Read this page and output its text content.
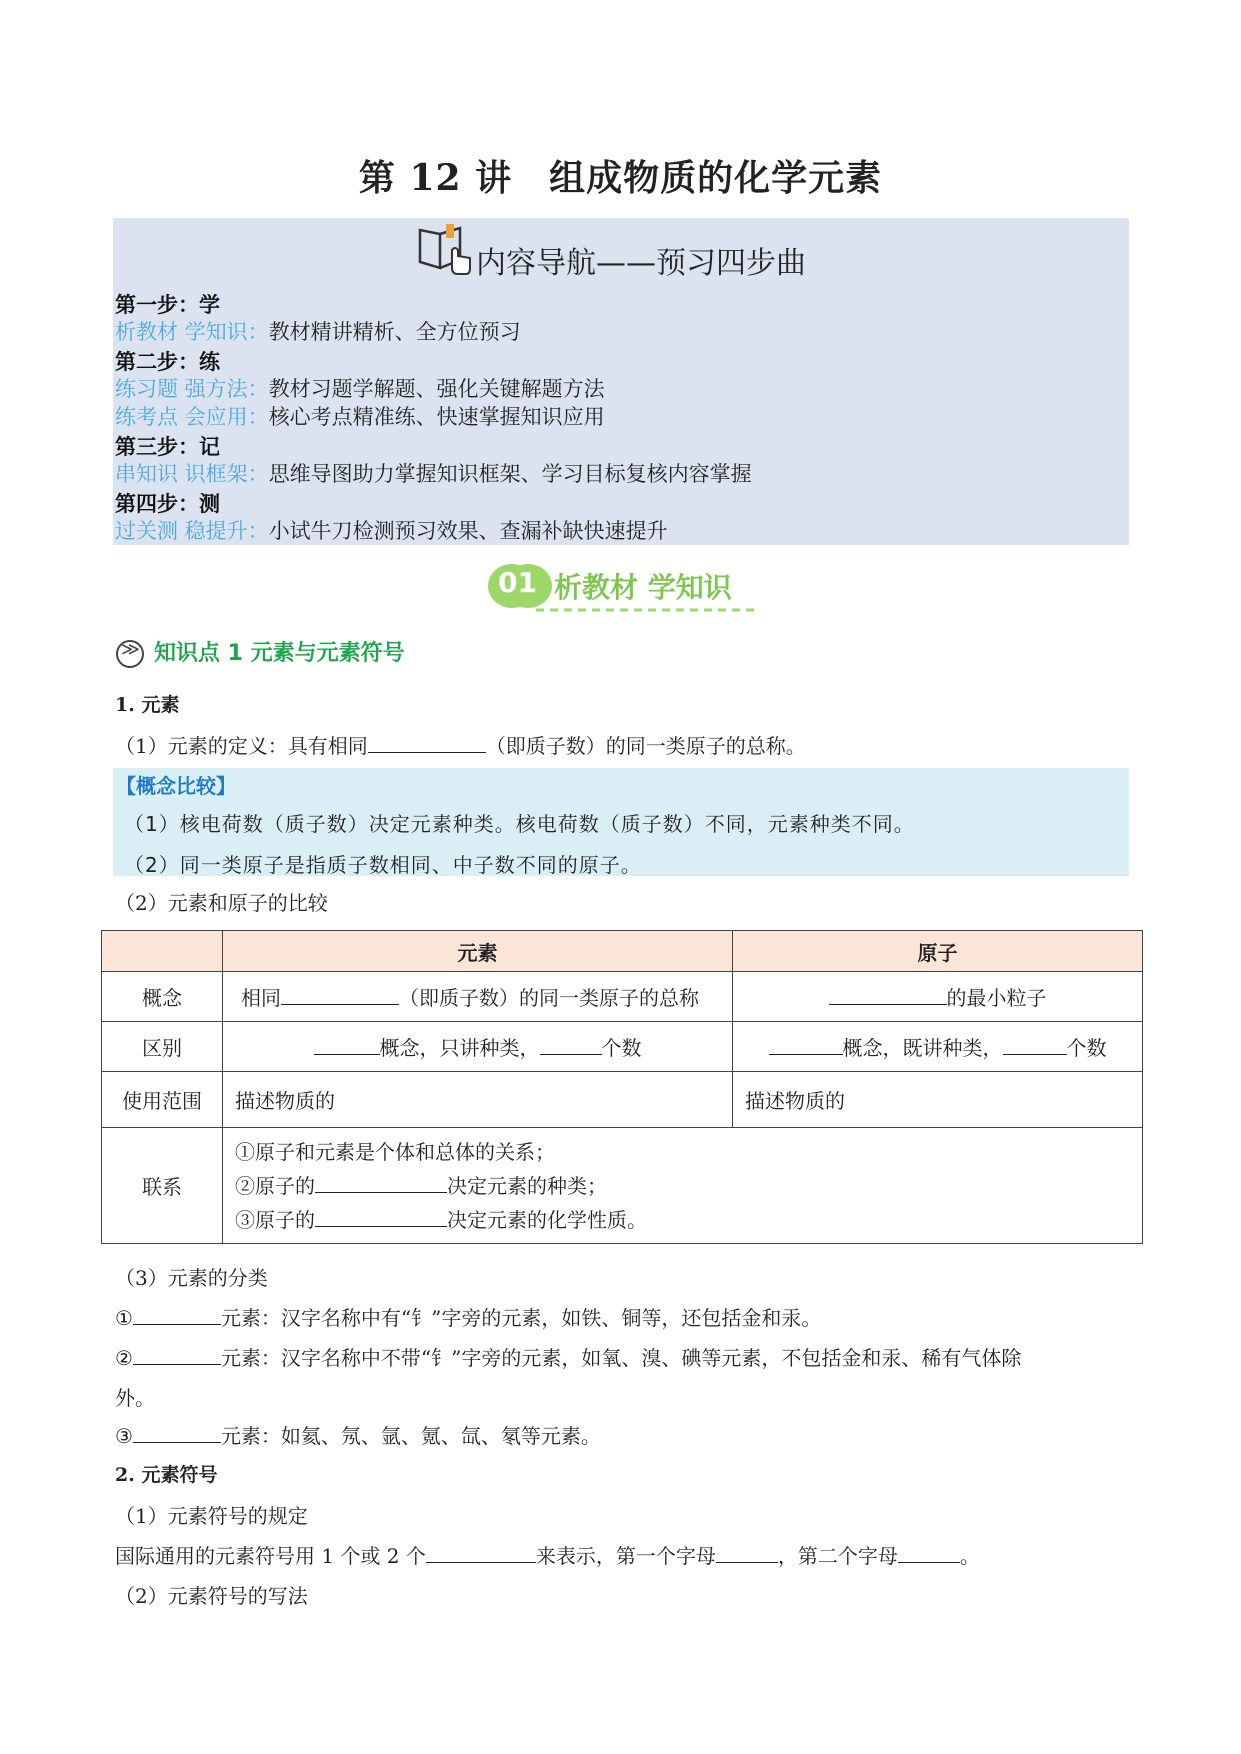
第 12 讲　组成物质的化学元素
内容导航——预习四步曲
第一步：学
析教材 学知识：教材精讲精析、全方位预习
第二步：练
练习题 强方法：教材习题学解题、强化关键解题方法
练考点 会应用：核心考点精准练、快速掌握知识应用
第三步：记
串知识 识框架：思维导图助力掌握知识框架、学习目标复核内容掌握
第四步：测
过关测 稳提升：小试牛刀检测预习效果、查漏补缺快速提升
01 析教材 学知识
≫知识点 1 元素与元素符号
1. 元素
（1）元素的定义：具有相同	（即质子数）的同一类原子的总称。
【概念比较】
（1）核电荷数（质子数）决定元素种类。核电荷数（质子数）不同，元素种类不同。
（2）同一类原子是指质子数相同、中子数不同的原子。
（2）元素和原子的比较
	元素	原子
概念	相同 （即质子数）的同一类原子的总称	的最小粒子
区别	概念，只讲种类， 个数	概念，既讲种类， 个数
使用范围	描述物质的	描述物质的
联系	①原子和元素是个体和总体的关系；
②原子的 决定元素的种类；
③原子的 决定元素的化学性质。	
（3）元素的分类
①	元素：汉字名称中有“钅”字旁的元素，如铁、铜等，还包括金和汞。
②	元素：汉字名称中不带“钅”字旁的元素，如氧、溴、碘等元素，不包括金和汞、稀有气体除
外。
③	元素：如氦、氖、氩、氪、氙、氡等元素。
2. 元素符号
（1）元素符号的规定
国际通用的元素符号用 1 个或 2 个	来表示，第一个字母	，第二个字母	。
（2）元素符号的写法
